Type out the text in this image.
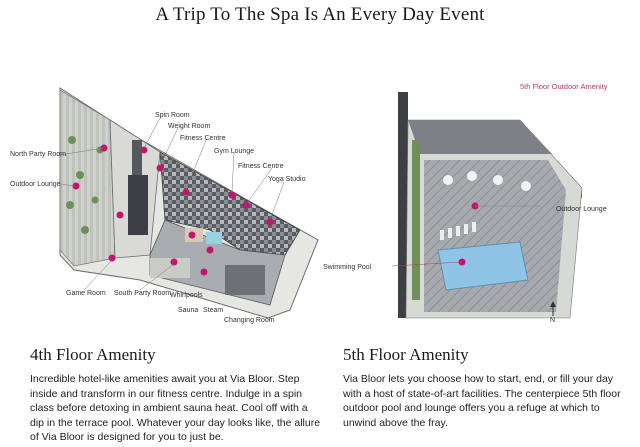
A Trip To The Spa Is An Every Day Event
Spin Room
Weight Room
Fitness Centre
Gym Lounge
Fitness Centre
Yoga Studio
North Party Room
Outdoor Lounge
Game Room South Party Room
Whirlpools
Sauna Steam
Changing Room
5th Floor Outdoor Amenity
Outdoor Lounge
Swimming Pool
N
4th Floor Amenity

Incredible hotel-like amenities await you at Via Bloor. Step inside and transform in our fitness centre. Indulge in a spin class before detoxing in ambient sauna heat. Cool off with a dip in the terrace pool. Whatever your day looks like, the allure of Via Bloor is designed for you to just be.

5th Floor Amenity

Via Bloor lets you choose how to start, end, or fill your day with a host of state-of-art facilities. The centerpiece 5th floor outdoor pool and lounge offers you a refuge at which to unwind above the fray.
